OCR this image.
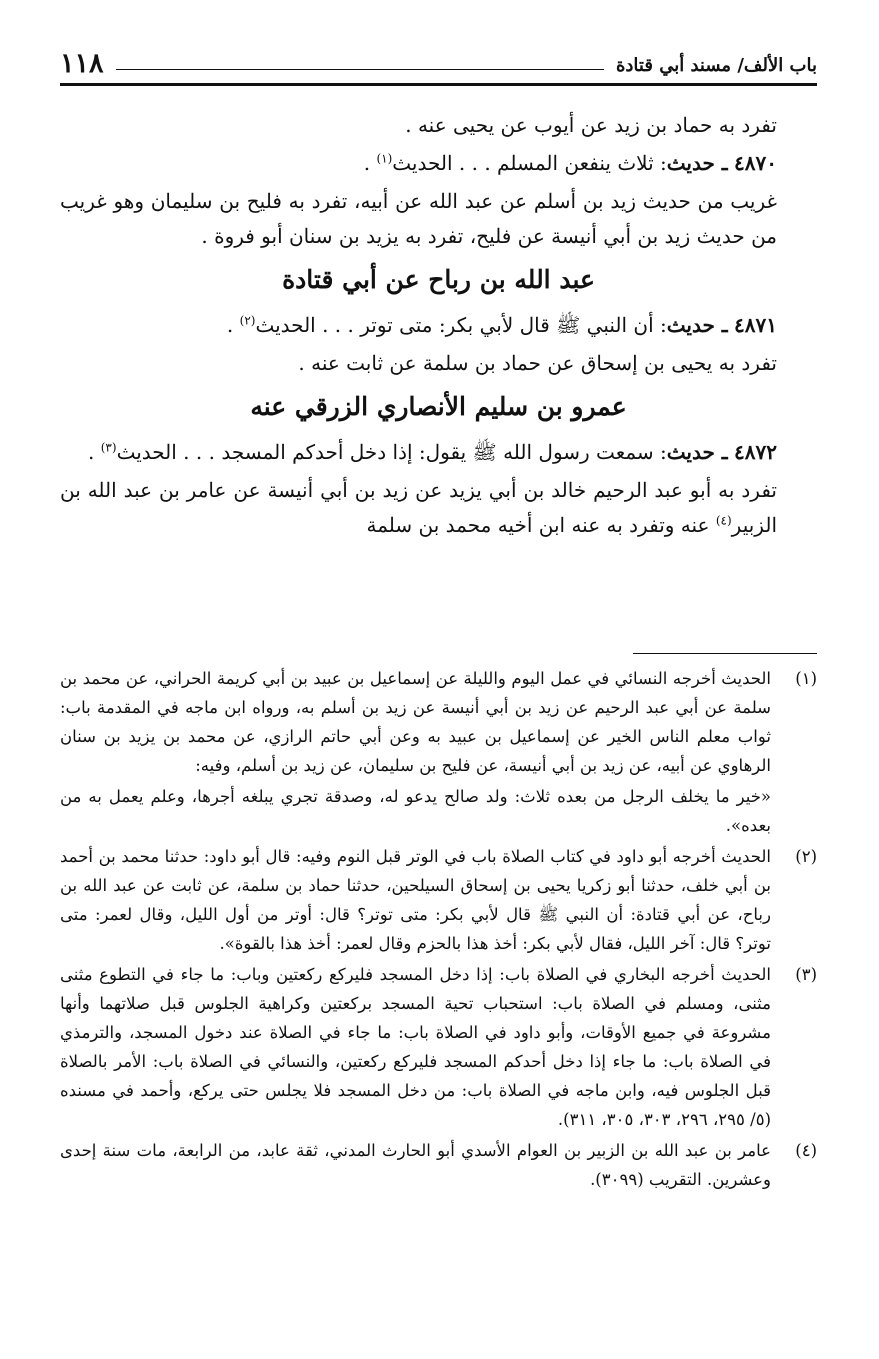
١١٨	باب الألف/ مسند أبي قتادة

تفرد به حماد بن زيد عن أيوب عن يحيى عنه .

٤٨٧٠ ـ حديث: ثلاث ينفعن المسلم . . . الحديث$^{(١)}$ .

غريب من حديث زيد بن أسلم عن عبد الله عن أبيه، تفرد به فليح بن سليمان وهو غريب من حديث زيد بن أبي أنيسة عن فليح، تفرد به يزيد بن سنان أبو فروة .

عبد الله بن رباح عن أبي قتادة

٤٨٧١ ـ حديث: أن النبي ﷺ قال لأبي بكر: متى توتر . . . الحديث$^{(٢)}$ .

تفرد به يحيى بن إسحاق عن حماد بن سلمة عن ثابت عنه .

عمرو بن سليم الأنصاري الزرقي عنه

٤٨٧٢ ـ حديث: سمعت رسول الله ﷺ يقول: إذا دخل أحدكم المسجد . . . الحديث$^{(٣)}$ .

تفرد به أبو عبد الرحيم خالد بن أبي يزيد عن زيد بن أبي أنيسة عن عامر بن عبد الله بن الزبير$^{(٤)}$ عنه وتفرد به عنه ابن أخيه محمد بن سلمة

(١)
الحديث أخرجه النسائي في عمل اليوم والليلة عن إسماعيل بن عبيد بن أبي كريمة الحراني، عن محمد بن سلمة عن أبي عبد الرحيم عن زيد بن أبي أنيسة عن زيد بن أسلم به، ورواه ابن ماجه في المقدمة باب: ثواب معلم الناس الخير عن إسماعيل بن عبيد به وعن أبي حاتم الرازي، عن محمد بن يزيد بن سنان الرهاوي عن أبيه، عن زيد بن أبي أنيسة، عن فليح بن سليمان، عن زيد بن أسلم، وفيه:
«خير ما يخلف الرجل من بعده ثلاث: ولد صالح يدعو له، وصدقة تجري يبلغه أجرها، وعلم يعمل به من بعده».
(٢)
الحديث أخرجه أبو داود في كتاب الصلاة باب في الوتر قبل النوم وفيه: قال أبو داود: حدثنا محمد بن أحمد بن أبي خلف، حدثنا أبو زكريا يحيى بن إسحاق السيلحين، حدثنا حماد بن سلمة، عن ثابت عن عبد الله بن رباح، عن أبي قتادة: أن النبي ﷺ قال لأبي بكر: متى توتر؟ قال: أوتر من أول الليل، وقال لعمر: متى توتر؟ قال: آخر الليل، فقال لأبي بكر: أخذ هذا بالحزم وقال لعمر: أخذ هذا بالقوة».
(٣)
الحديث أخرجه البخاري في الصلاة باب: إذا دخل المسجد فليركع ركعتين وباب: ما جاء في التطوع مثنى مثنى، ومسلم في الصلاة باب: استحباب تحية المسجد بركعتين وكراهية الجلوس قبل صلاتهما وأنها مشروعة في جميع الأوقات، وأبو داود في الصلاة باب: ما جاء في الصلاة عند دخول المسجد، والترمذي في الصلاة باب: ما جاء إذا دخل أحدكم المسجد فليركع ركعتين، والنسائي في الصلاة باب: الأمر بالصلاة قبل الجلوس فيه، وابن ماجه في الصلاة باب: من دخل المسجد فلا يجلس حتى يركع، وأحمد في مسنده (٥/ ٢٩٥، ٢٩٦، ٣٠٣، ٣٠٥، ٣١١).
(٤)
عامر بن عبد الله بن الزبير بن العوام الأسدي أبو الحارث المدني، ثقة عابد، من الرابعة، مات سنة إحدى وعشرين. التقريب (٣٠٩٩).
